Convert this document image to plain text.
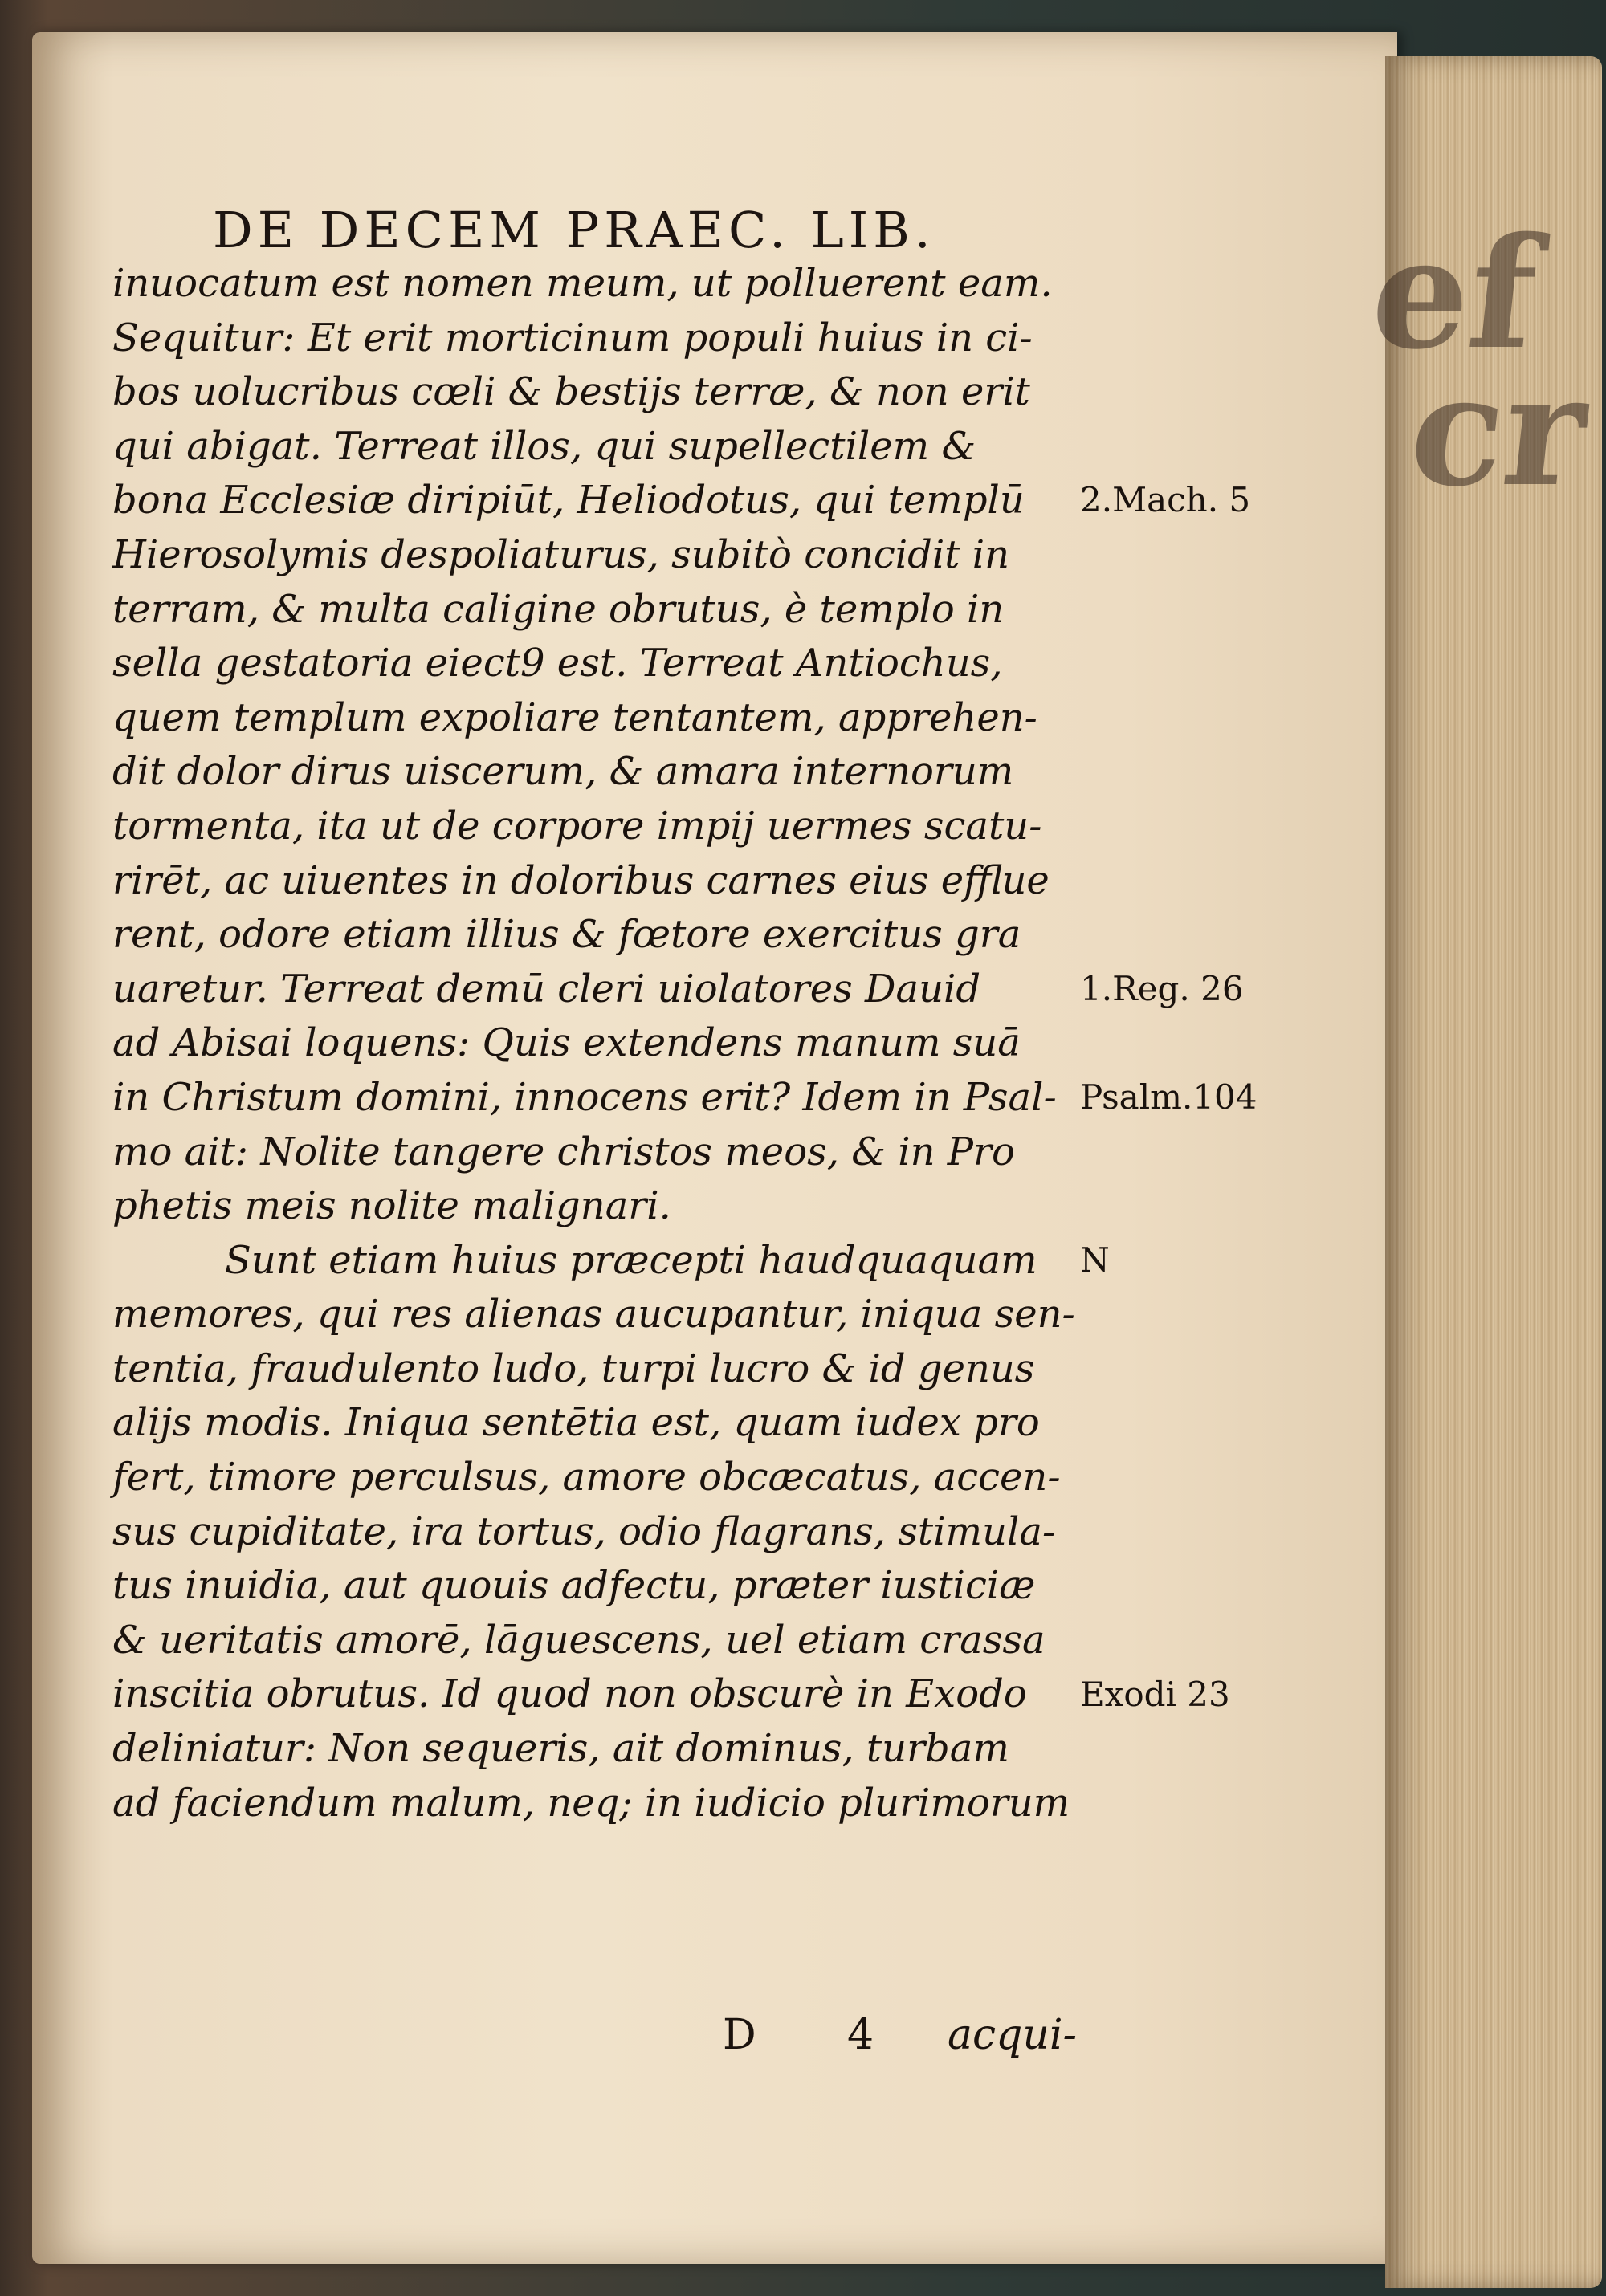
ef
cr
DE DECEM PRAEC. LIB.
inuocatum est nomen meum, ut polluerent eam.
Sequitur: Et erit morticinum populi huius in ci-
bos uolucribus cœli & bestijs terræ, & non erit
qui abigat. Terreat illos, qui supellectilem &
bona Ecclesiæ diripiūt, Heliodotus, qui templū
Hierosolymis despoliaturus, subitò concidit in
terram, & multa caligine obrutus, è templo in
sella gestatoria eiect9 est. Terreat Antiochus,
quem templum expoliare tentantem, apprehen-
dit dolor dirus uiscerum, & amara internorum
tormenta, ita ut de corpore impij uermes scatu-
rirēt, ac uiuentes in doloribus carnes eius efflue
rent, odore etiam illius & fœtore exercitus gra
uaretur. Terreat demū cleri uiolatores Dauid
ad Abisai loquens: Quis extendens manum suā
in Christum domini, innocens erit? Idem in Psal-
mo ait: Nolite tangere christos meos, & in Pro
phetis meis nolite malignari.
Sunt etiam huius præcepti haudquaquam
memores, qui res alienas aucupantur, iniqua sen-
tentia, fraudulento ludo, turpi lucro & id genus
alijs modis. Iniqua sentētia est, quam iudex pro
fert, timore perculsus, amore obcæcatus, accen-
sus cupiditate, ira tortus, odio flagrans, stimula-
tus inuidia, aut quouis adfectu, præter iusticiæ
& ueritatis amorē, lāguescens, uel etiam crassa
inscitia obrutus. Id quod non obscurè in Exodo
deliniatur: Non sequeris, ait dominus, turbam
ad faciendum malum, neq; in iudicio plurimorum
2.Mach. 5
1.Reg. 26
Psalm.104
N
Exodi 23
D 4 acqui-
